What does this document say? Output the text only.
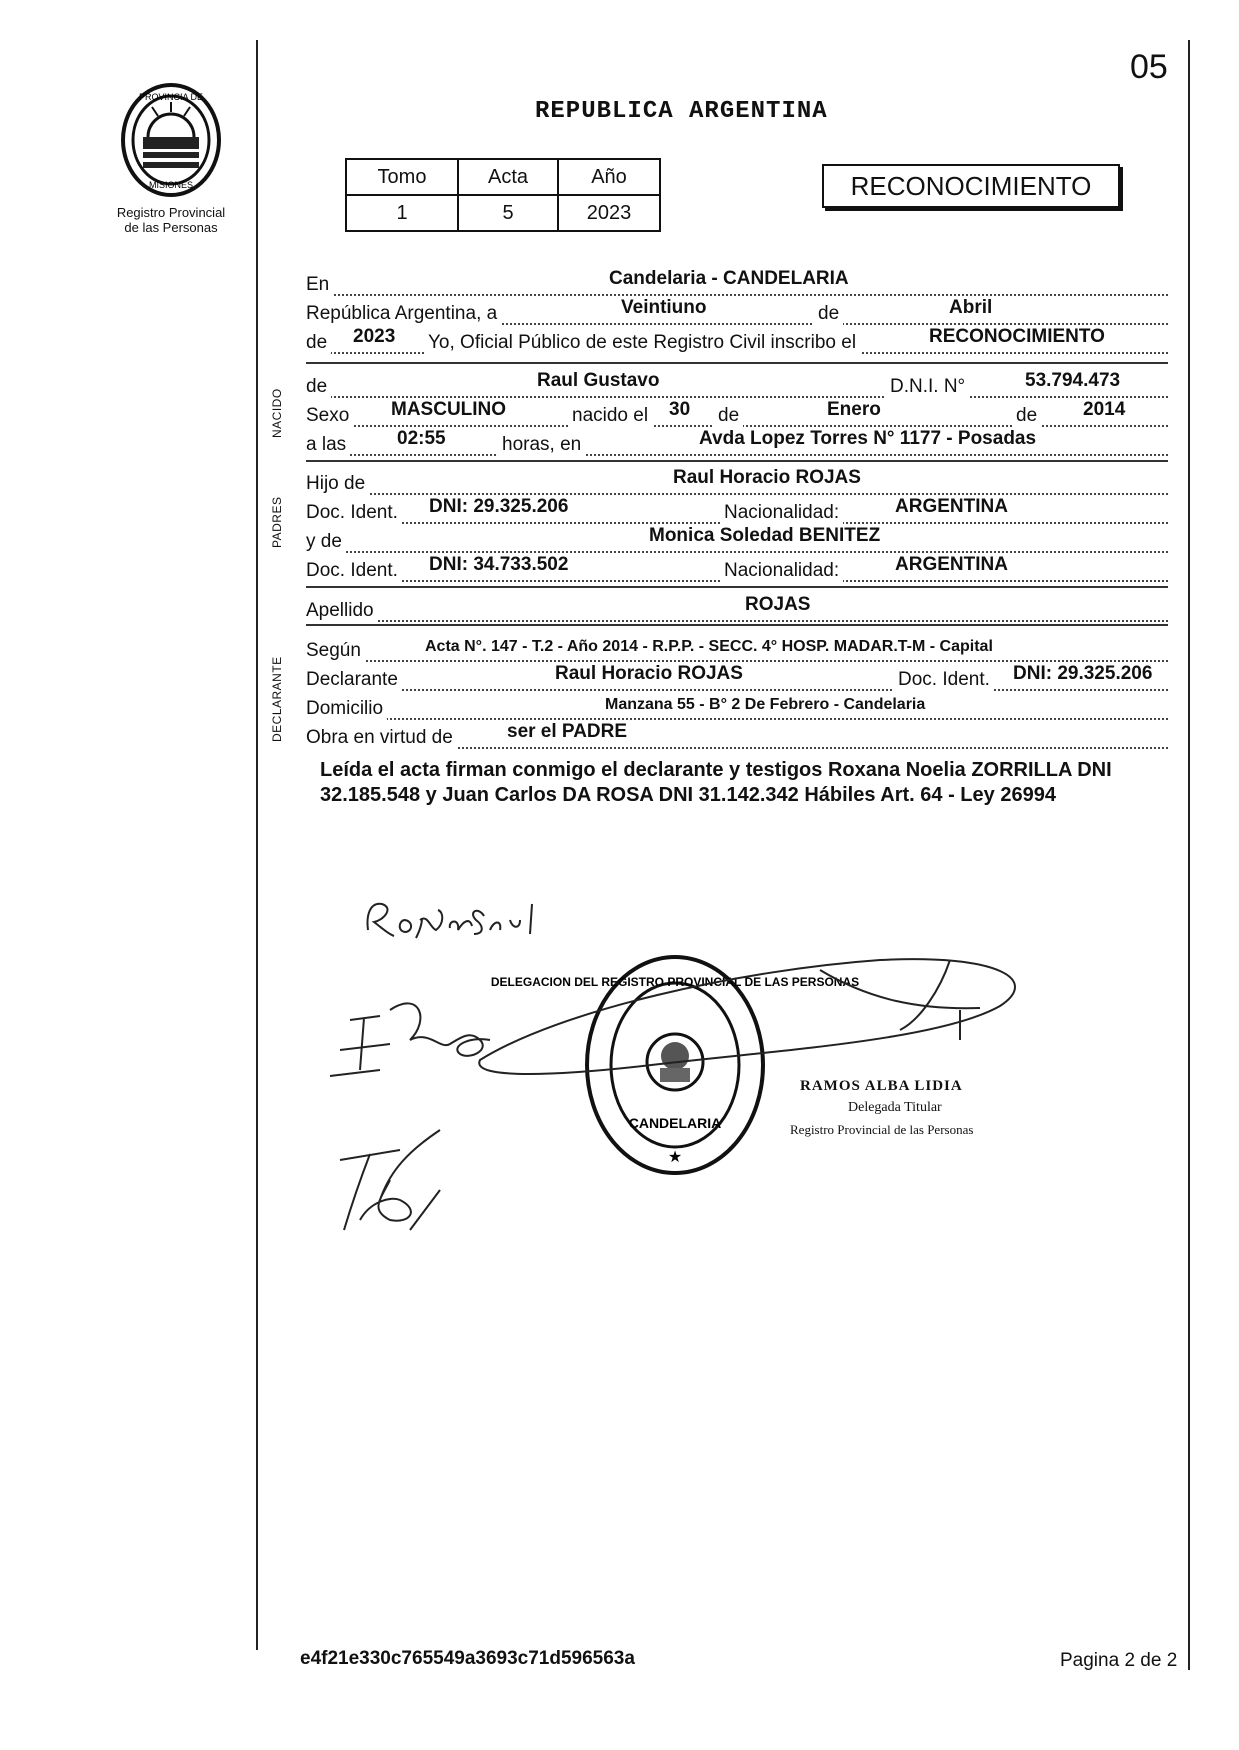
05
PROVINCIA DE
MISIONES
Registro Provincial
de las Personas
REPUBLICA ARGENTINA
Tomo	Acta	Año
1	5	2023
RECONOCIMIENTO
En	Candelaria - CANDELARIA
República Argentina, a	Veintiuno	de	Abril
de 2023 Yo, Oficial Público de este Registro Civil inscribo el	RECONOCIMIENTO
de	Raul Gustavo	D.N.I. N°	53.794.473
Sexo MASCULINO	nacido el 30 de	Enero	de 2014
a las	02:55	horas, en	Avda Lopez Torres N° 1177 - Posadas
Hijo de	Raul Horacio ROJAS
Doc. Ident. DNI: 29.325.206	Nacionalidad:	ARGENTINA
y de	Monica Soledad BENITEZ
Doc. Ident. DNI: 34.733.502	Nacionalidad:	ARGENTINA
Apellido	ROJAS
Según	Acta N°. 147 - T.2 - Año 2014 - R.P.P. - SECC. 4° HOSP. MADAR.T-M - Capital
Declarante	Raul Horacio ROJAS	Doc. Ident. DNI: 29.325.206
Domicilio	Manzana 55 - B° 2 De Febrero - Candelaria
Obra en virtud de	ser el PADRE
NACIDO
PADRES
DECLARANTE
Leída el acta firman conmigo el declarante y testigos Roxana Noelia ZORRILLA DNI 32.185.548 y Juan Carlos DA ROSA DNI 31.142.342 Hábiles Art. 64 - Ley 26994
DELEGACION DEL REGISTRO PROVINCIAL DE LAS PERSONAS
CANDELARIA
★
RAMOS ALBA LIDIA
Delegada Titular
Registro Provincial de las Personas
e4f21e330c765549a3693c71d596563a	Pagina 2 de 2
